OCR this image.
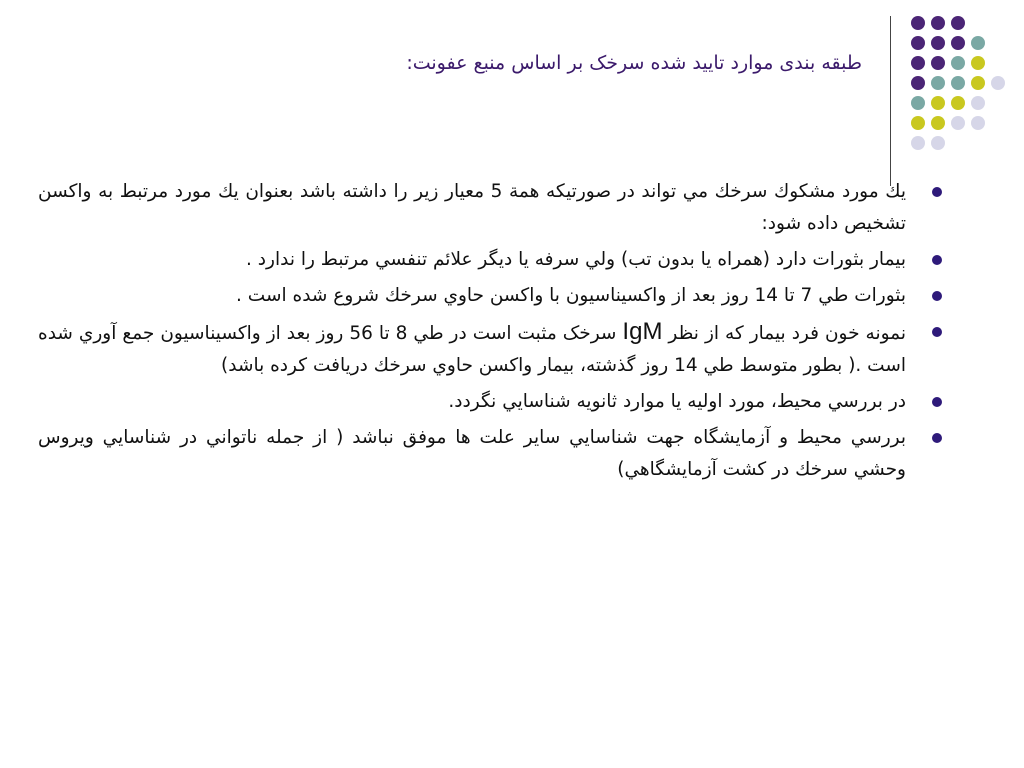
طبقه بندی موارد تایید شده سرخک بر اساس منبع عفونت:
يك مورد مشكوك سرخك مي تواند در صورتيكه همة 5 معيار زير را داشته باشد بعنوان يك مورد مرتبط به واكسن تشخيص داده شود:
بيمار بثورات دارد (همراه يا بدون تب) ولي سرفه يا ديگر علائم تنفسي مرتبط را ندارد .
بثورات طي 7 تا 14 روز بعد از واكسيناسيون با واكسن حاوي سرخك شروع شده است .
نمونه خون فرد بيمار كه از نظر IgM سرخک مثبت است در طي 8 تا 56 روز بعد از واكسيناسيون جمع آوري شده است .( بطور متوسط طي 14 روز گذشته، بيمار واكسن حاوي سرخك دريافت كرده باشد)
در بررسي محيط، مورد اوليه يا موارد ثانويه شناسايي نگردد.
بررسي محيط و آزمايشگاه جهت شناسايي ساير علت ها موفق نباشد ( از جمله ناتواني در شناسايي ويروس وحشي سرخك در كشت آزمايشگاهي)
